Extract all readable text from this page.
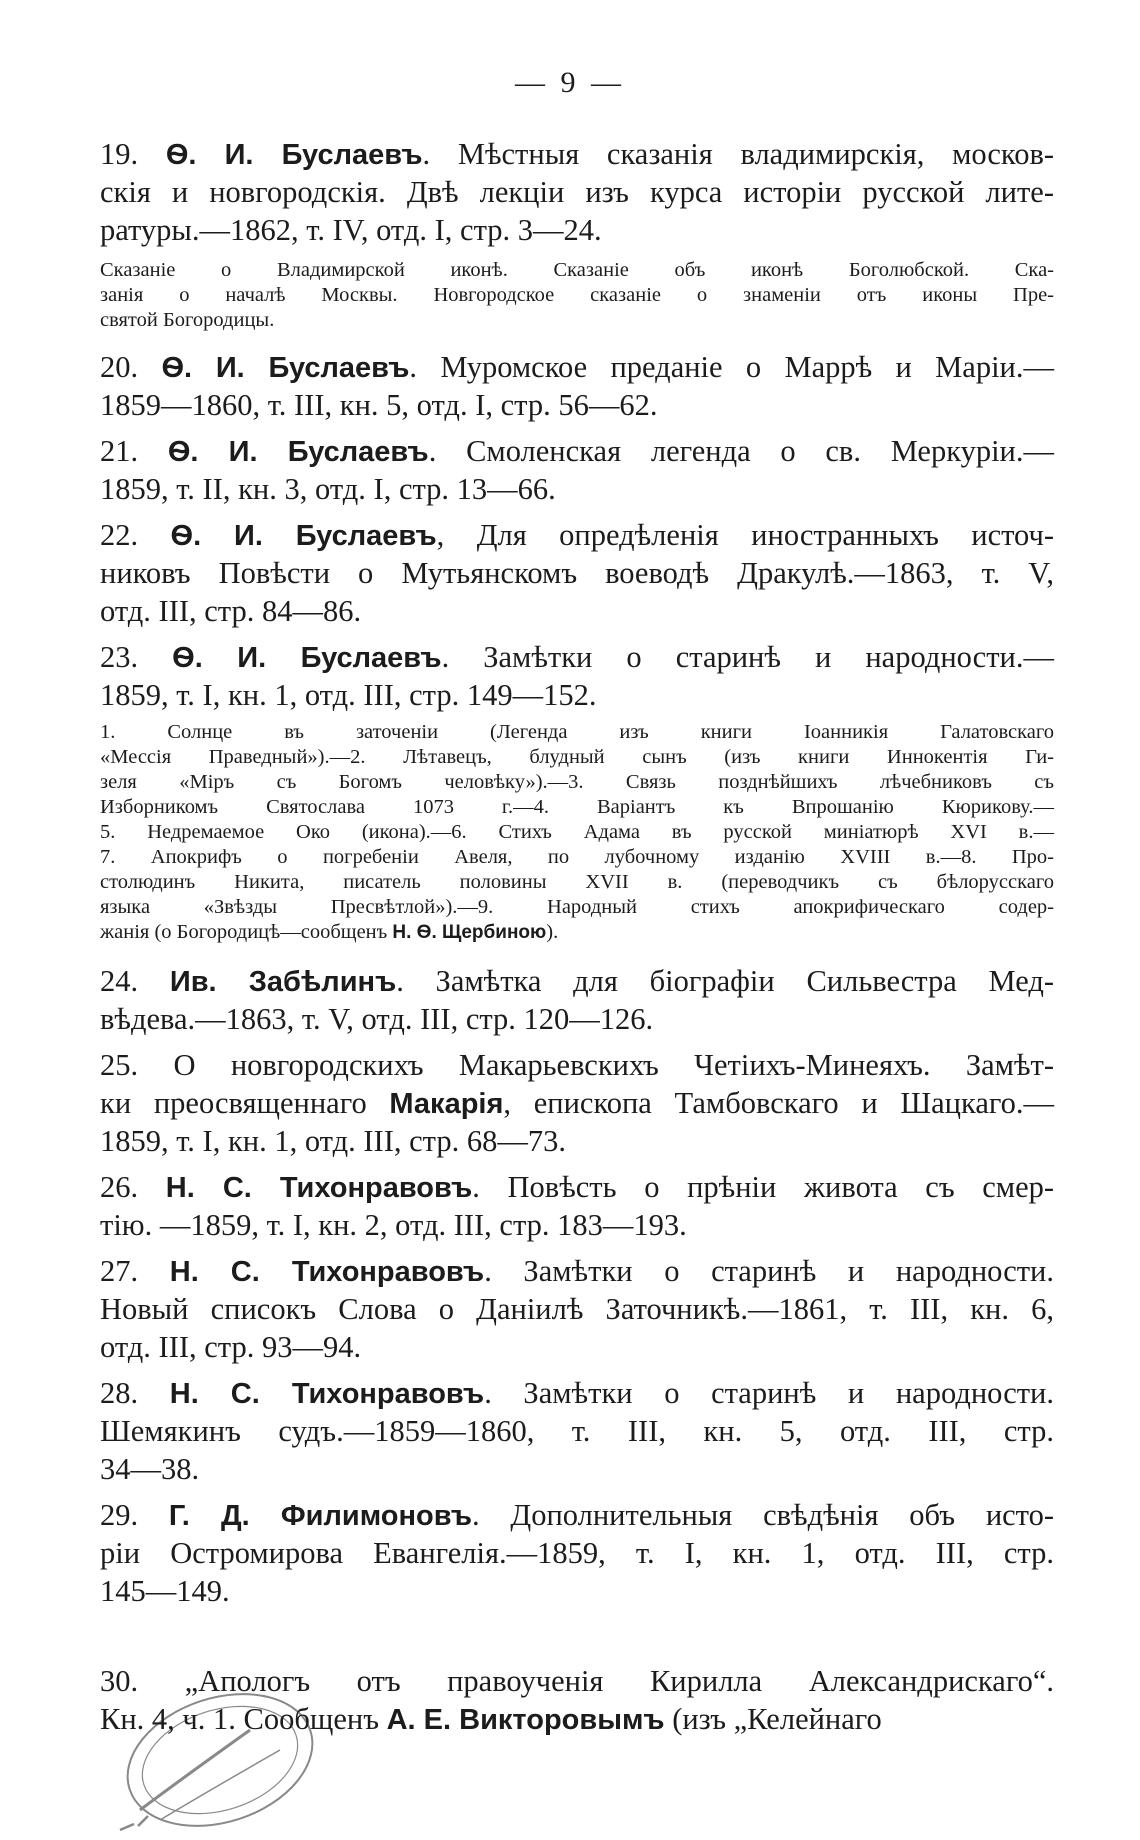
— 9 —
19. Ѳ. И. Буслаевъ. Мѣстныя сказанія владимирскія, москов-
скія и новгородскія. Двѣ лекціи изъ курса исторіи русской лите-
ратуры.—1862, т. IV, отд. I, стр. 3—24.
Сказаніе о Владимирской иконѣ. Сказаніе объ иконѣ Боголюбской. Ска-
занія о началѣ Москвы. Новгородское сказаніе о знаменіи отъ иконы Пре-
святой Богородицы.
20. Ѳ. И. Буслаевъ. Муромское преданіе о Маррѣ и Маріи.—
1859—1860, т. III, кн. 5, отд. I, стр. 56—62.
21. Ѳ. И. Буслаевъ. Смоленская легенда о св. Меркуріи.—
1859, т. II, кн. 3, отд. I, стр. 13—66.
22. Ѳ. И. Буслаевъ, Для опредѣленія иностранныхъ источ-
никовъ Повѣсти о Мутьянскомъ воеводѣ Дракулѣ.—1863, т. V,
отд. III, стр. 84—86.
23. Ѳ. И. Буслаевъ. Замѣтки о старинѣ и народности.—
1859, т. I, кн. 1, отд. III, стр. 149—152.
1. Солнце въ заточеніи (Легенда изъ книги Іоанникія Галатовскаго
«Мессія Праведный»).—2. Лѣтавецъ, блудный сынъ (изъ книги Иннокентія Ги-
зеля «Міръ съ Богомъ человѣку»).—3. Связь позднѣйшихъ лѣчебниковъ съ
Изборникомъ Святослава 1073 г.—4. Варіантъ къ Впрошанію Кюрикову.—
5. Недремаемое Око (икона).—6. Стихъ Адама въ русской миніатюрѣ XVI в.—
7. Апокрифъ о погребеніи Авеля, по лубочному изданію XVIII в.—8. Про-
столюдинъ Никита, писатель половины XVII в. (переводчикъ съ бѣлорусскаго
языка «Звѣзды Пресвѣтлой»).—9. Народный стихъ апокрифическаго содер-
жанія (о Богородицѣ—сообщенъ Н. Ѳ. Щербиною).
24. Ив. Забѣлинъ. Замѣтка для біографіи Сильвестра Мед-
вѣдева.—1863, т. V, отд. III, стр. 120—126.
25. О новгородскихъ Макарьевскихъ Четіихъ-Минеяхъ. Замѣт-
ки преосвященнаго Макарія, епископа Тамбовскаго и Шацкаго.—
1859, т. I, кн. 1, отд. III, стр. 68—73.
26. Н. С. Тихонравовъ. Повѣсть о прѣніи живота съ смер-
тію. —1859, т. I, кн. 2, отд. III, стр. 183—193.
27. Н. С. Тихонравовъ. Замѣтки о старинѣ и народности.
Новый списокъ Слова о Даніилѣ Заточникѣ.—1861, т. III, кн. 6,
отд. III, стр. 93—94.
28. Н. С. Тихонравовъ. Замѣтки о старинѣ и народности.
Шемякинъ судъ.—1859—1860, т. III, кн. 5, отд. III, стр.
34—38.
29. Г. Д. Филимоновъ. Дополнительныя свѣдѣнія объ исто-
ріи Остромирова Евангелія.—1859, т. I, кн. 1, отд. III, стр.
145—149.
30. „Апологъ отъ правоученія Кирилла Александрискаго“.
Кн. 4, ч. 1. Сообщенъ А. Е. Викторовымъ (изъ „Келейнаго
